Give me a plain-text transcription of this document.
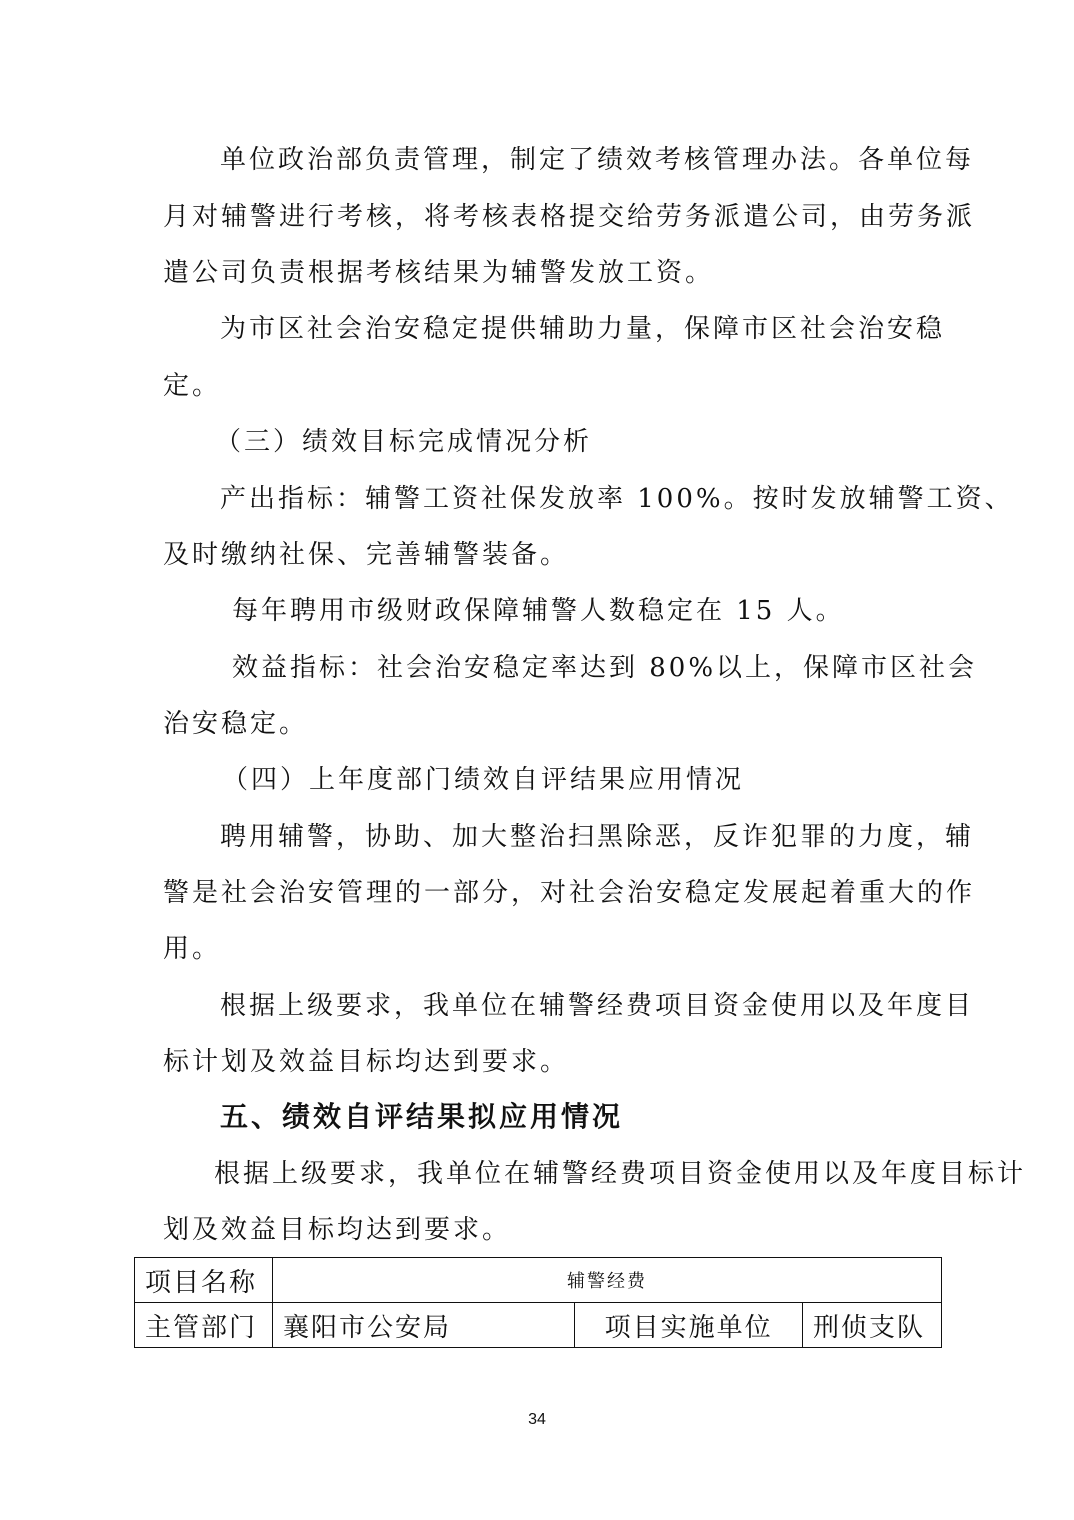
单位政治部负责管理，制定了绩效考核管理办法。各单位每
月对辅警进行考核，将考核表格提交给劳务派遣公司，由劳务派
遣公司负责根据考核结果为辅警发放工资。
为市区社会治安稳定提供辅助力量，保障市区社会治安稳
定。
（三）绩效目标完成情况分析
产出指标：辅警工资社保发放率 100%。按时发放辅警工资、
及时缴纳社保、完善辅警装备。
每年聘用市级财政保障辅警人数稳定在 15 人。
效益指标：社会治安稳定率达到 80%以上，保障市区社会
治安稳定。
（四）上年度部门绩效自评结果应用情况
聘用辅警，协助、加大整治扫黑除恶，反诈犯罪的力度，辅
警是社会治安管理的一部分，对社会治安稳定发展起着重大的作
用。
根据上级要求，我单位在辅警经费项目资金使用以及年度目
标计划及效益目标均达到要求。
五、绩效自评结果拟应用情况
根据上级要求，我单位在辅警经费项目资金使用以及年度目标计
划及效益目标均达到要求。
项目名称	辅警经费		
主管部门	襄阳市公安局	项目实施单位	刑侦支队
34
